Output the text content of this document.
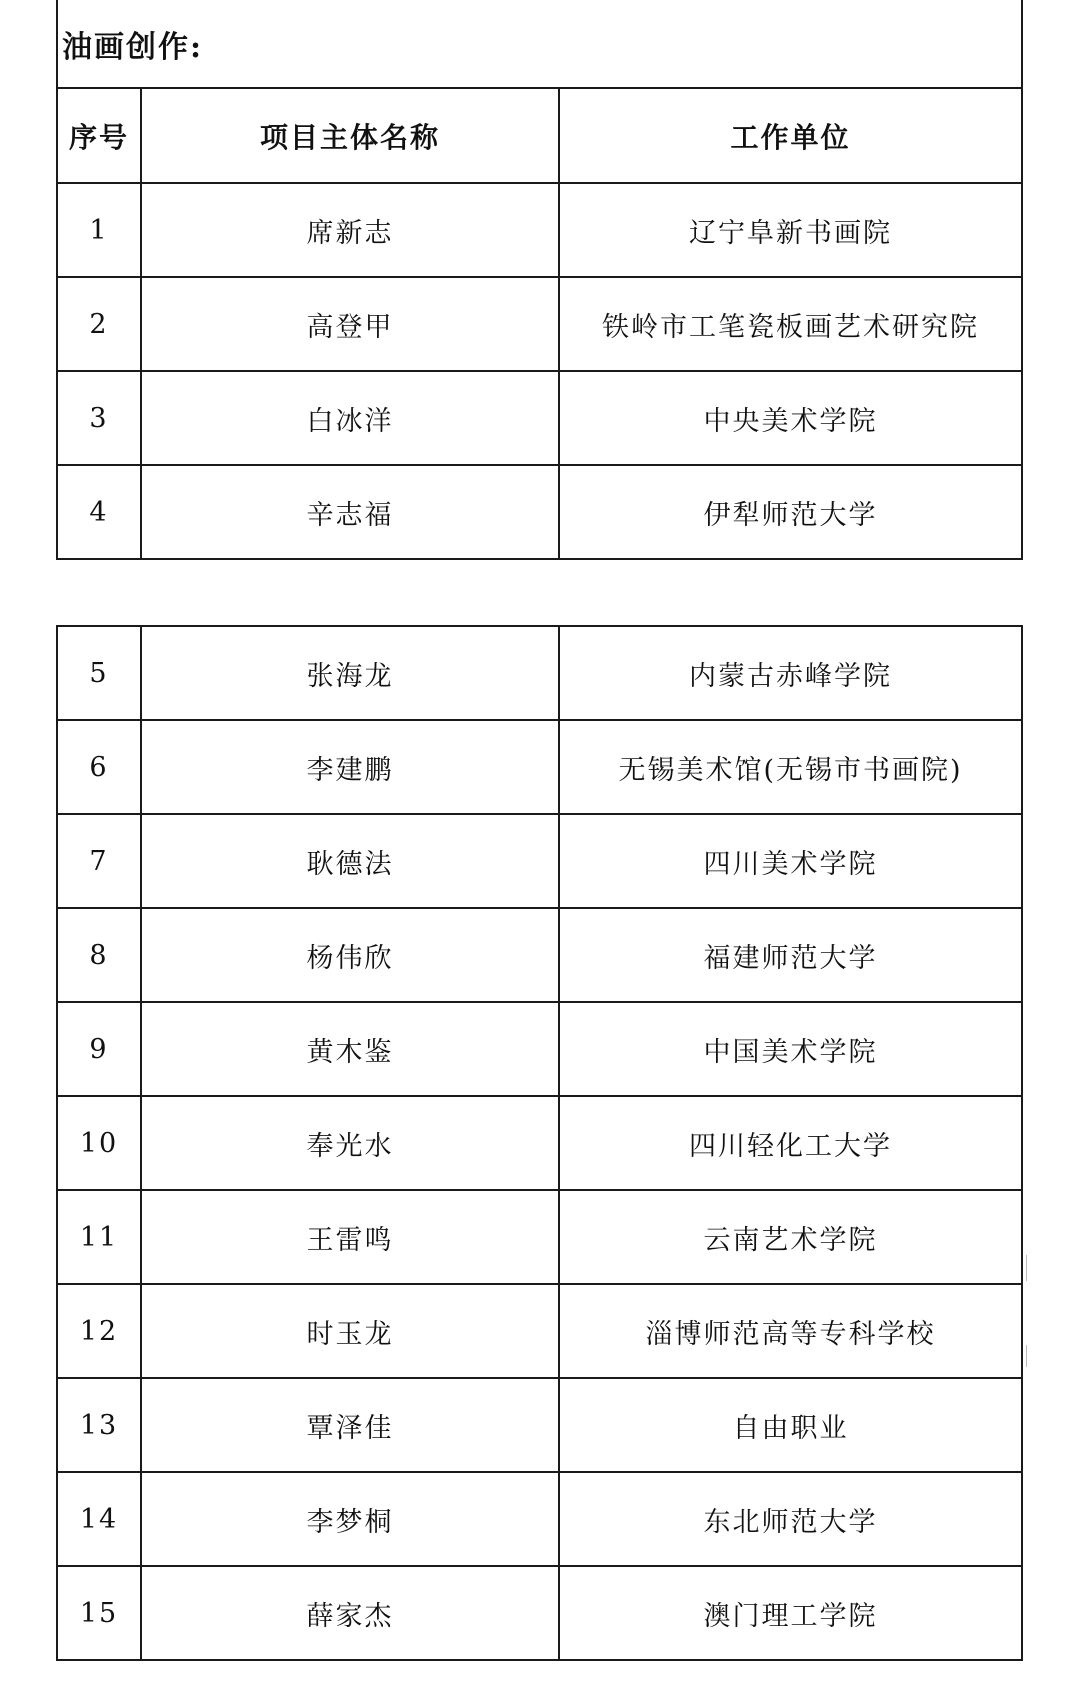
油画创作:		
序号	项目主体名称	工作单位
1	席新志	辽宁阜新书画院
2	高登甲	铁岭市工笔瓷板画艺术研究院
3	白冰洋	中央美术学院
4	辛志福	伊犁师范大学
5	张海龙	内蒙古赤峰学院
6	李建鹏	无锡美术馆(无锡市书画院)
7	耿德法	四川美术学院
8	杨伟欣	福建师范大学
9	黄木鉴	中国美术学院
10	奉光水	四川轻化工大学
11	王雷鸣	云南艺术学院
12	时玉龙	淄博师范高等专科学校
13	覃泽佳	自由职业
14	李梦桐	东北师范大学
15	薛家杰	澳门理工学院
